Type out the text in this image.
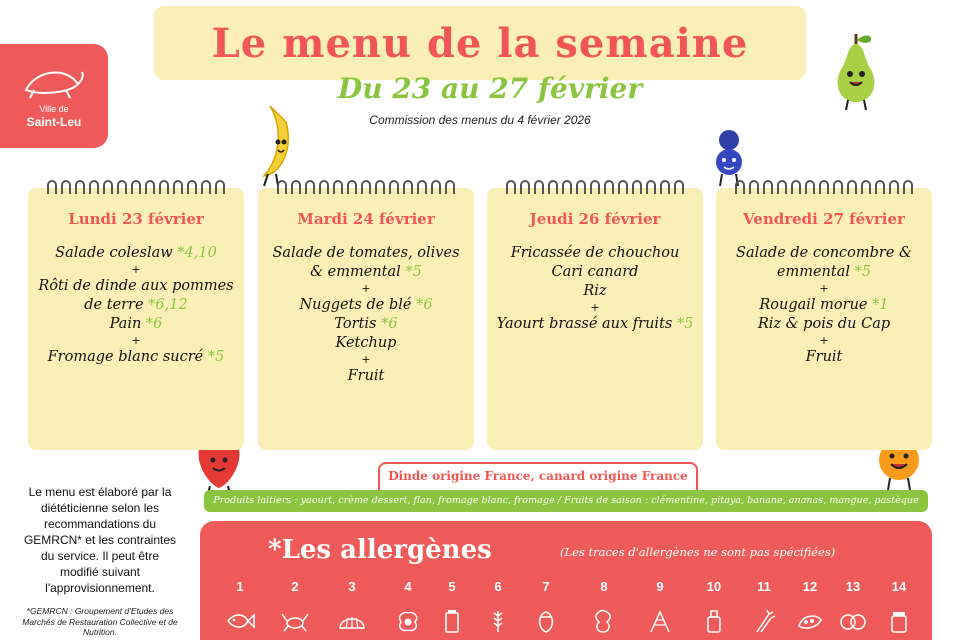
Ville de
Saint-Leu
Le menu de la semaine
Du 23 au 27 février
Commission des menus du 4 février 2026
Lundi 23 février
Salade coleslaw *4,10
+
Rôti de dinde aux pommes de terre *6,12
Pain *6
+
Fromage blanc sucré *5
Mardi 24 février
Salade de tomates, olives & emmental *5
+
Nuggets de blé *6
Tortis *6
Ketchup
+
Fruit
Jeudi 26 février
Fricassée de chouchou
Cari canard
Riz
+
Yaourt brassé aux fruits *5
Vendredi 27 février
Salade de concombre & emmental *5
+
Rougail morue *1
Riz & pois du Cap
+
Fruit
Dinde origine France, canard origine France
Produits laitiers : yaourt, crème dessert, flan, fromage blanc, fromage / Fruits de saison : clémentine, pitaya, banane, ananas, mangue, pastèque
Le menu est élaboré par la diététicienne selon les recommandations du GEMRCN* et les contraintes du service. Il peut être modifié suivant l'approvisionnement.
*GEMRCN : Groupement d'Etudes des Marchés de Restauration Collective et de Nutrition.
*Les allergènes	(Les traces d'allergènes ne sont pas spécifiées)
1	2	3	4	5	6	7	8	9	10	11	12	13	14
